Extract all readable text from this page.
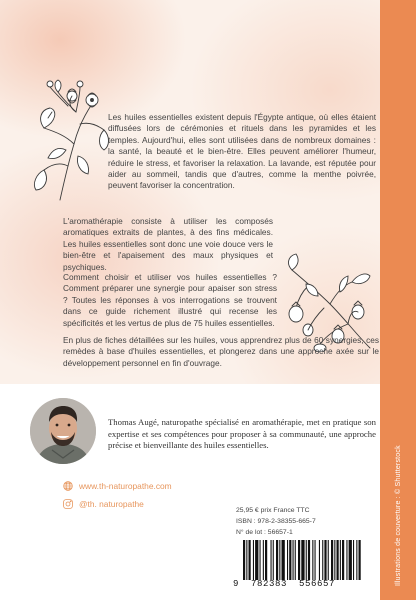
Les huiles essentielles existent depuis l'Égypte antique, où elles étaient diffusées lors de cérémonies et rituels dans les pyramides et les temples. Aujourd'hui, elles sont utilisées dans de nombreux domaines : la santé, la beauté et le bien-être. Elles peuvent améliorer l'humeur, réduire le stress, et favoriser la relaxation. La lavande, est réputée pour aider au sommeil, tandis que d'autres, comme la menthe poivrée, peuvent favoriser la concentration.

L'aromathérapie consiste à utiliser les composés aromatiques extraits de plantes, à des fins médicales. Les huiles essentielles sont donc une voie douce vers le bien-être et l'apaisement des maux physiques et psychiques.

Comment choisir et utiliser vos huiles essentielles ? Comment préparer une synergie pour apaiser son stress ? Toutes les réponses à vos interrogations se trouvent dans ce guide richement illustré qui recense les spécificités et les vertus de plus de 75 huiles essentielles.

En plus de fiches détaillées sur les huiles, vous apprendrez plus de 60 synergies, ces remèdes à base d'huiles essentielles, et plongerez dans une approche axée sur le développement personnel en fin d'ouvrage.

Thomas Augé, naturopathe spécialisé en aromathérapie, met en pratique son expertise et ses compétences pour proposer à sa communauté, une approche précise et bienveillante des huiles essentielles.

www.th-naturopathe.com
@th. naturopathe
25,95 € prix France TTC
ISBN : 978-2-38355-665-7
N° de lot : 56657-1
9 782383 556657	Illustrations de couverture : © Shutterstock
